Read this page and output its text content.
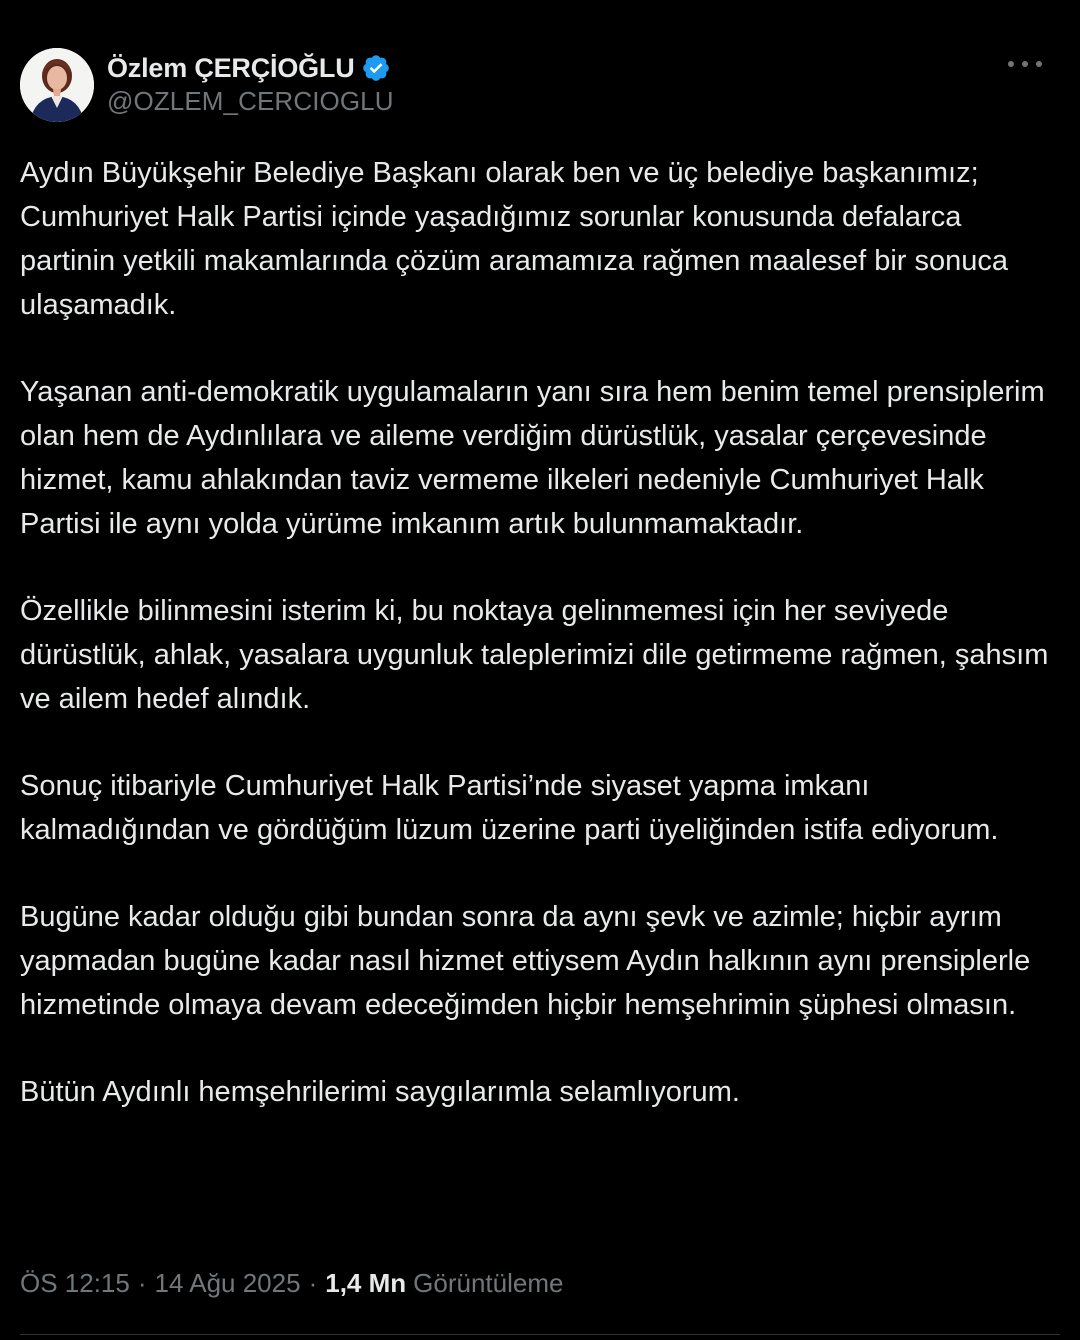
Özlem ÇERÇİOĞLU
@OZLEM_CERCIOGLU

Aydın Büyükşehir Belediye Başkanı olarak ben ve üç belediye başkanımız; Cumhuriyet Halk Partisi içinde yaşadığımız sorunlar konusunda defalarca partinin yetkili makamlarında çözüm aramamıza rağmen maalesef bir sonuca ulaşamadık.

Yaşanan anti-demokratik uygulamaların yanı sıra hem benim temel prensiplerim olan hem de Aydınlılara ve aileme verdiğim dürüstlük, yasalar çerçevesinde hizmet, kamu ahlakından taviz vermeme ilkeleri nedeniyle Cumhuriyet Halk Partisi ile aynı yolda yürüme imkanım artık bulunmamaktadır.

Özellikle bilinmesini isterim ki, bu noktaya gelinmemesi için her seviyede dürüstlük, ahlak, yasalara uygunluk taleplerimizi dile getirmeme rağmen, şahsım ve ailem hedef alındık.

Sonuç itibariyle Cumhuriyet Halk Partisi’nde siyaset yapma imkanı kalmadığından ve gördüğüm lüzum üzerine parti üyeliğinden istifa ediyorum.

Bugüne kadar olduğu gibi bundan sonra da aynı şevk ve azimle; hiçbir ayrım yapmadan bugüne kadar nasıl hizmet ettiysem Aydın halkının aynı prensiplerle hizmetinde olmaya devam edeceğimden hiçbir hemşehrimin şüphesi olmasın.

Bütün Aydınlı hemşehrilerimi saygılarımla selamlıyorum.

ÖS 12:15 · 14 Ağu 2025 · 1,4 Mn Görüntüleme
